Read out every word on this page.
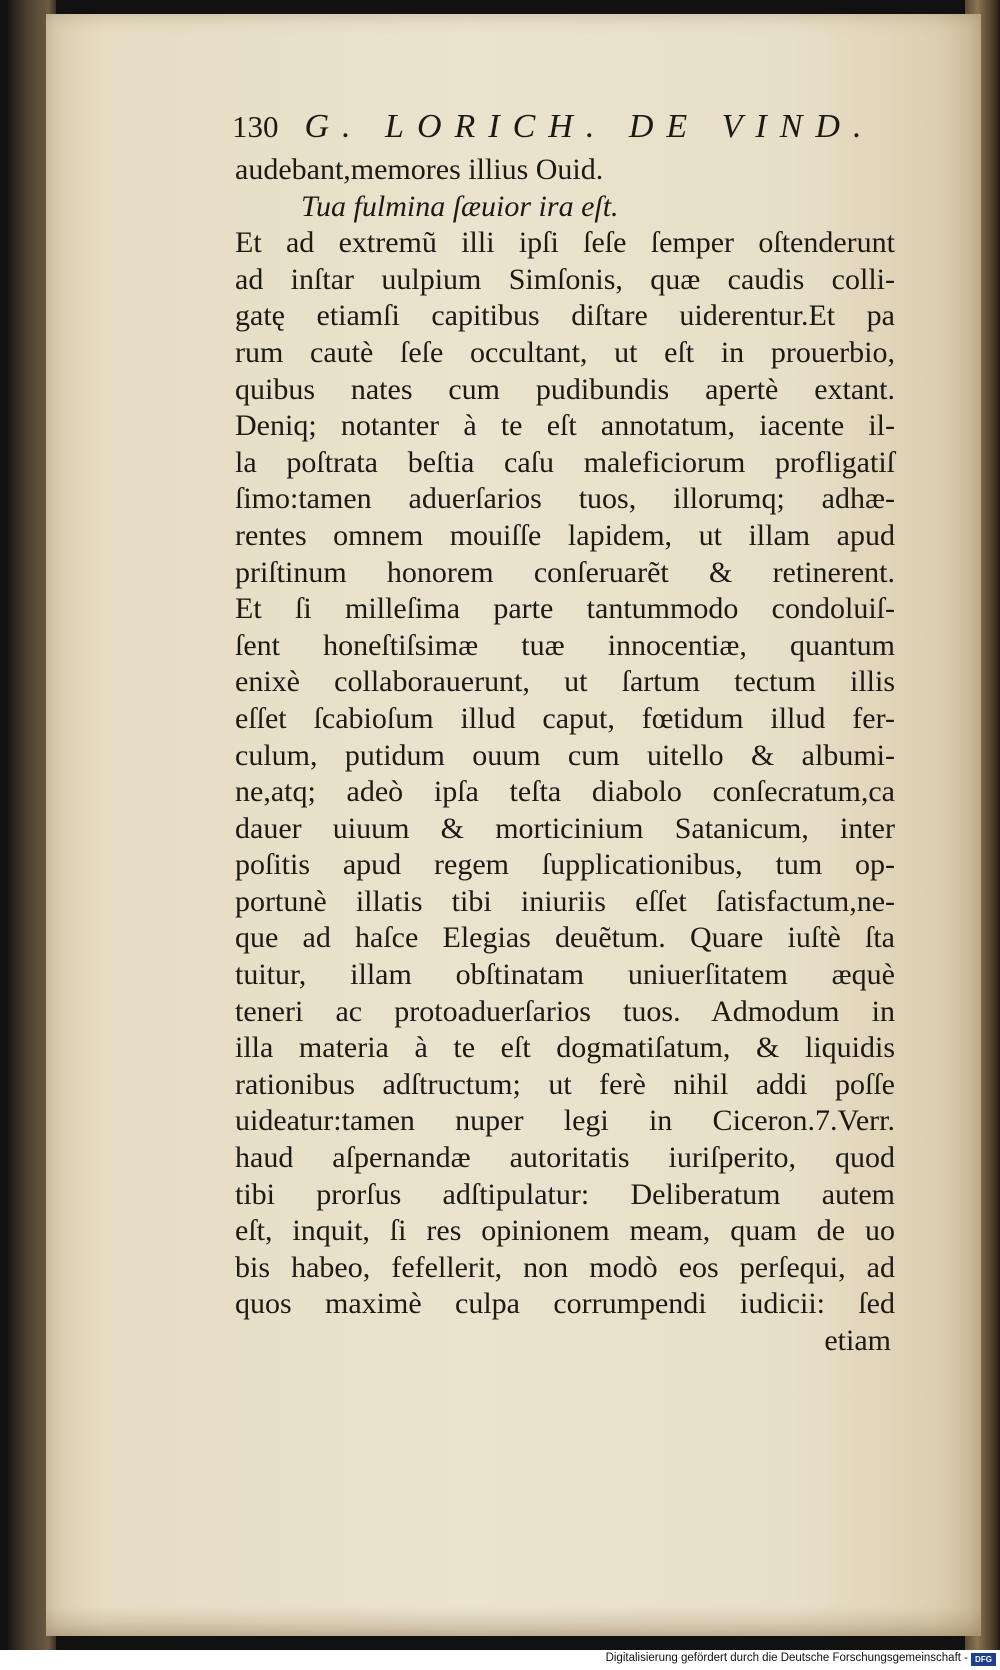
130 G. LORICH. DE VIND.
audebant,memores illius Ouid.
Tua fulmina ſæuior ira eſt.
Et ad extremũ illi ipſi ſeſe ſemper oſtenderunt
ad inſtar uulpium Simſonis, quæ caudis colli-
gatę etiamſi capitibus diſtare uiderentur.Et pa
rum cautè ſeſe occultant, ut eſt in prouerbio,
quibus nates cum pudibundis apertè extant.
Deniq; notanter à te eſt annotatum, iacente il-
la poſtrata beſtia caſu maleficiorum profligatiſ
ſimo:tamen aduerſarios tuos, illorumq; adhæ-
rentes omnem mouiſſe lapidem, ut illam apud
priſtinum honorem conſeruarẽt & retinerent.
Et ſi milleſima parte tantummodo condoluiſ-
ſent honeſtiſsimæ tuæ innocentiæ, quantum
enixè collaborauerunt, ut ſartum tectum illis
eſſet ſcabioſum illud caput, fœtidum illud fer-
culum, putidum ouum cum uitello & albumi-
ne,atq; adeò ipſa teſta diabolo conſecratum,ca
dauer uiuum & morticinium Satanicum, inter
poſitis apud regem ſupplicationibus, tum op-
portunè illatis tibi iniuriis eſſet ſatisfactum,ne-
que ad haſce Elegias deuẽtum. Quare iuſtè ſta
tuitur, illam obſtinatam uniuerſitatem æquè
teneri ac protoaduerſarios tuos. Admodum in
illa materia à te eſt dogmatiſatum, & liquidis
rationibus adſtructum; ut ferè nihil addi poſſe
uideatur:tamen nuper legi in Ciceron.7.Verr.
haud aſpernandæ autoritatis iuriſperito, quod
tibi prorſus adſtipulatur: Deliberatum autem
eſt, inquit, ſi res opinionem meam, quam de uo
bis habeo, fefellerit, non modò eos perſequi, ad
quos maximè culpa corrumpendi iudicii: ſed
etiam
Digitalisierung gefördert durch die Deutsche Forschungsgemeinschaft - DFG
